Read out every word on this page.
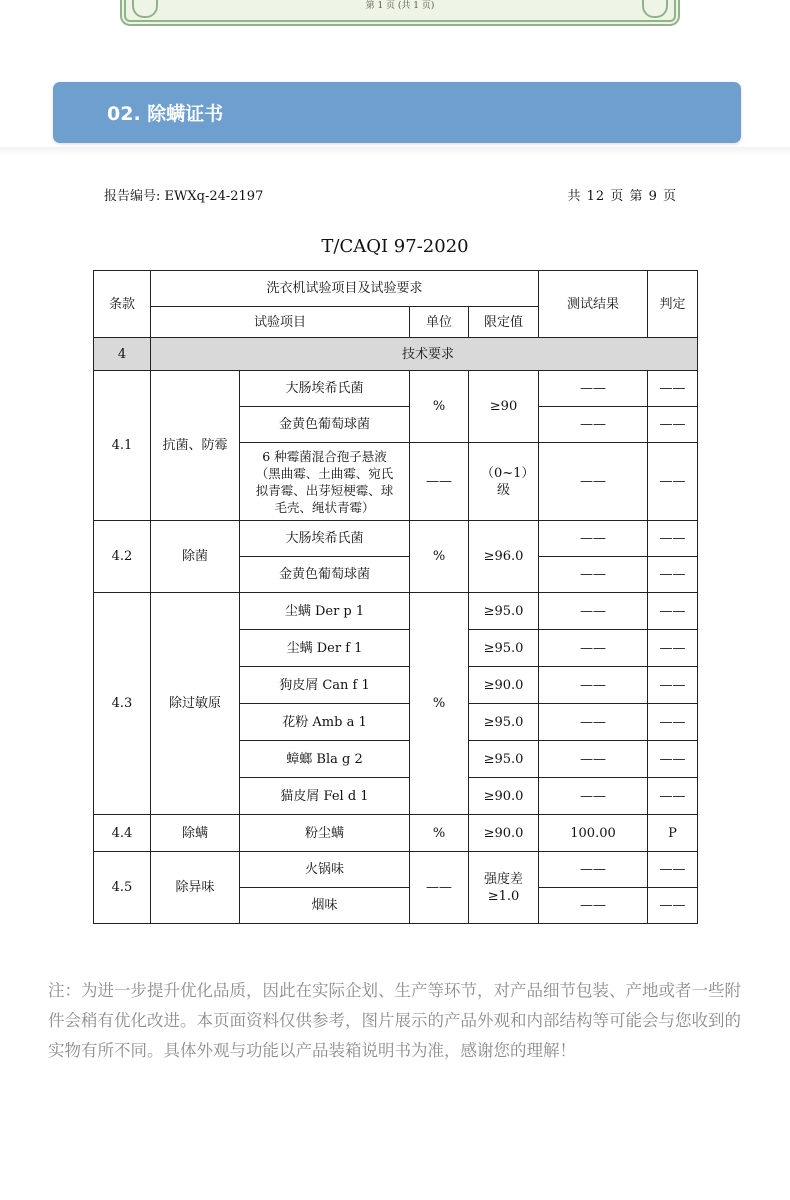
第 1 页 (共 1 页)
02. 除螨证书
报告编号: EWXq-24-2197	共 12 页 第 9 页
T/CAQI 97-2020
条款	洗衣机试验项目及试验要求				测试结果	判定
	试验项目		单位	限定值		
4	技术要求					
4.1	抗菌、防霉	大肠埃希氏菌	%	≥90	——	——
		金黄色葡萄球菌			——	——
		6 种霉菌混合孢子悬液（黑曲霉、土曲霉、宛氏拟青霉、出芽短梗霉、球毛壳、绳状青霉）	——	（0~1）级	——	——
4.2	除菌	大肠埃希氏菌	%	≥96.0	——	——
		金黄色葡萄球菌			——	——
4.3	除过敏原	尘螨 Der p 1	%	≥95.0	——	——
		尘螨 Der f 1		≥95.0	——	——
		狗皮屑 Can f 1		≥90.0	——	——
		花粉 Amb a 1		≥95.0	——	——
		蟑螂 Bla g 2		≥95.0	——	——
		猫皮屑 Fel d 1		≥90.0	——	——
4.4	除螨	粉尘螨	%	≥90.0	100.00	P
4.5	除异味	火锅味	——	强度差≥1.0	——	——
		烟味			——	——
注：为进一步提升优化品质，因此在实际企划、生产等环节，对产品细节包装、产地或者一些附件会稍有优化改进。本页面资料仅供参考，图片展示的产品外观和内部结构等可能会与您收到的实物有所不同。具体外观与功能以产品装箱说明书为准，感谢您的理解！
